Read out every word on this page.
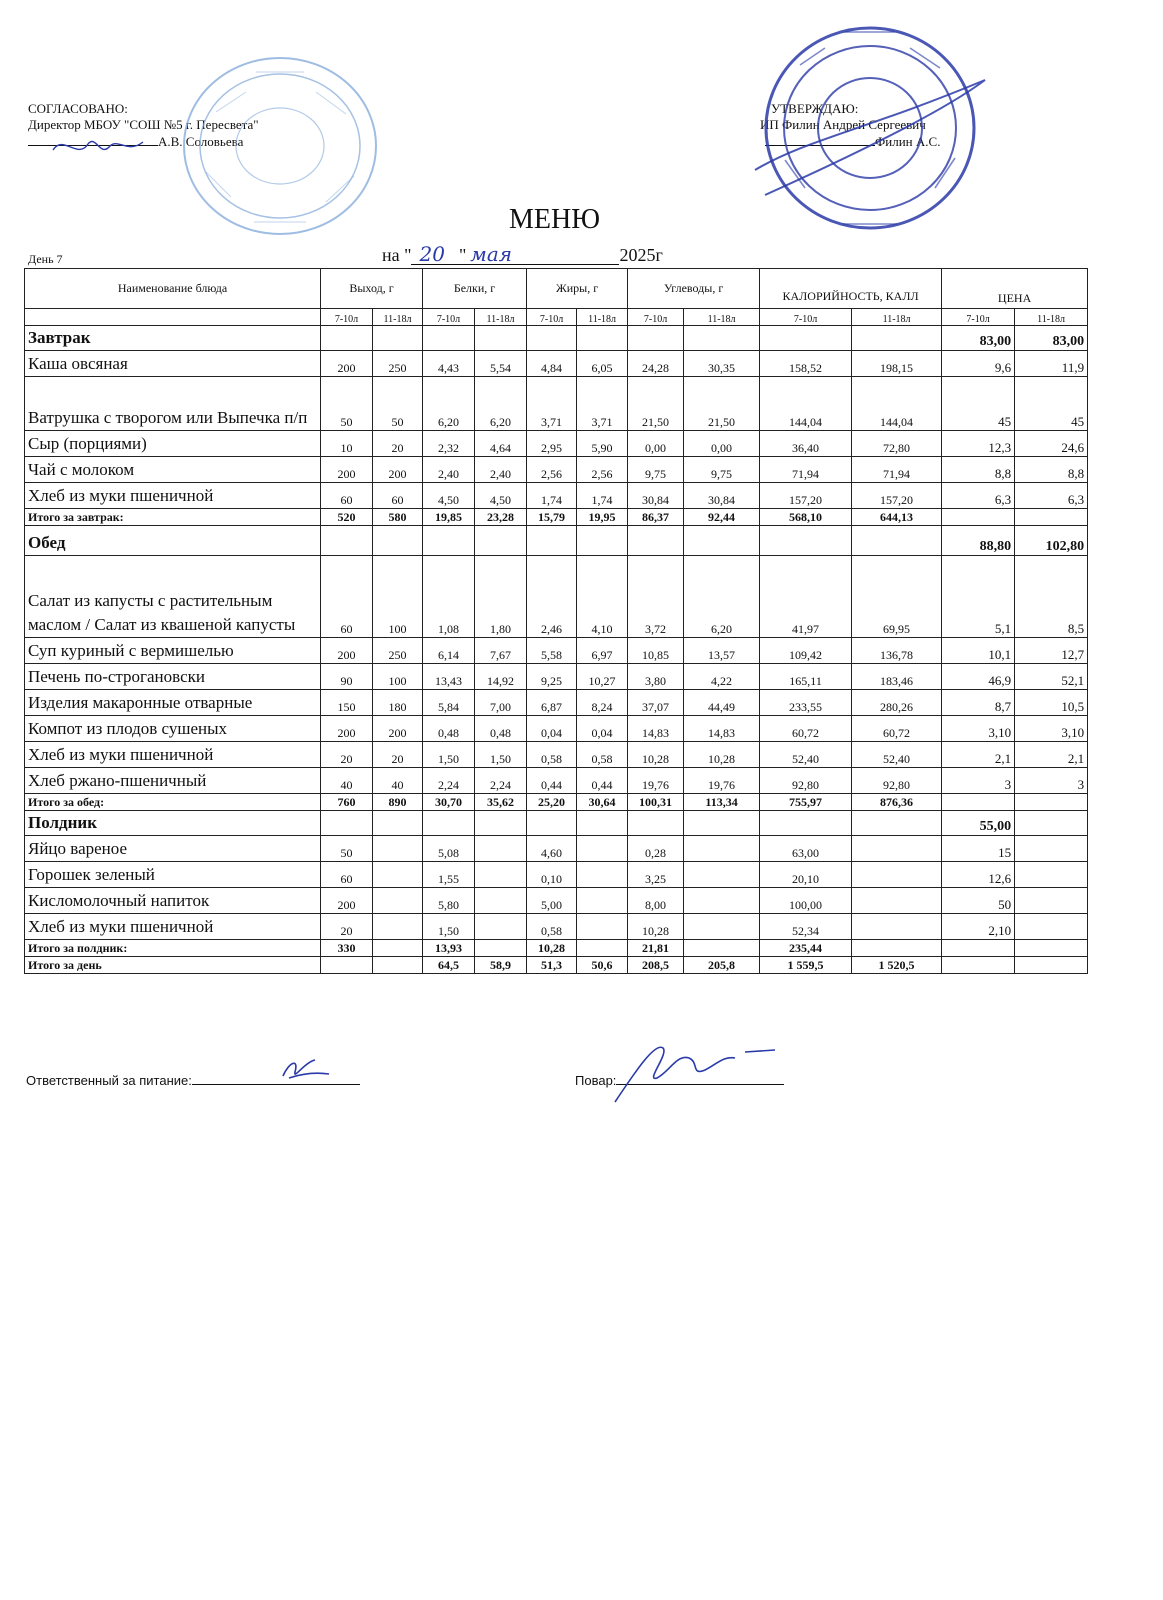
СОГЛАСОВАНО:
Директор МБОУ "СОШ №5 г. Пересвета"
А.В. Соловьева
УТВЕРЖДАЮ:
ИП Филин Андрей Сергеевич
Филин А.С.
МЕНЮ
День 7	на " 20 " мая	2025г
Наименование блюда	Выход, г		Белки, г		Жиры, г		Углеводы, г		КАЛОРИЙНОСТЬ, КАЛЛ		ЦЕНА	
	7-10л	11-18л	7-10л	11-18л	7-10л	11-18л	7-10л	11-18л	7-10л	11-18л	7-10л	11-18л
Завтрак											83,00	83,00
Каша овсяная	200	250	4,43	5,54	4,84	6,05	24,28	30,35	158,52	198,15	9,6	11,9
Ватрушка с творогом или Выпечка п/п	50	50	6,20	6,20	3,71	3,71	21,50	21,50	144,04	144,04	45	45
Сыр (порциями)	10	20	2,32	4,64	2,95	5,90	0,00	0,00	36,40	72,80	12,3	24,6
Чай с молоком	200	200	2,40	2,40	2,56	2,56	9,75	9,75	71,94	71,94	8,8	8,8
Хлеб из муки пшеничной	60	60	4,50	4,50	1,74	1,74	30,84	30,84	157,20	157,20	6,3	6,3
Итого за завтрак:	520	580	19,85	23,28	15,79	19,95	86,37	92,44	568,10	644,13		
Обед											88,80	102,80
Салат из капусты с растительным маслом / Салат из квашеной капусты	60	100	1,08	1,80	2,46	4,10	3,72	6,20	41,97	69,95	5,1	8,5
Суп куриный с вермишелью	200	250	6,14	7,67	5,58	6,97	10,85	13,57	109,42	136,78	10,1	12,7
Печень по-строгановски	90	100	13,43	14,92	9,25	10,27	3,80	4,22	165,11	183,46	46,9	52,1
Изделия макаронные отварные	150	180	5,84	7,00	6,87	8,24	37,07	44,49	233,55	280,26	8,7	10,5
Компот из плодов сушеных	200	200	0,48	0,48	0,04	0,04	14,83	14,83	60,72	60,72	3,10	3,10
Хлеб из муки пшеничной	20	20	1,50	1,50	0,58	0,58	10,28	10,28	52,40	52,40	2,1	2,1
Хлеб ржано-пшеничный	40	40	2,24	2,24	0,44	0,44	19,76	19,76	92,80	92,80	3	3
Итого за обед:	760	890	30,70	35,62	25,20	30,64	100,31	113,34	755,97	876,36		
Полдник											55,00	
Яйцо вареное	50		5,08		4,60		0,28		63,00		15	
Горошек зеленый	60		1,55		0,10		3,25		20,10		12,6	
Кисломолочный напиток	200		5,80		5,00		8,00		100,00		50	
Хлеб из муки пшеничной	20		1,50		0,58		10,28		52,34		2,10	
Итого за полдник:	330		13,93		10,28		21,81		235,44			
Итого за день			64,5	58,9	51,3	50,6	208,5	205,8	1 559,5	1 520,5		
Ответственный за питание:	Повар:
